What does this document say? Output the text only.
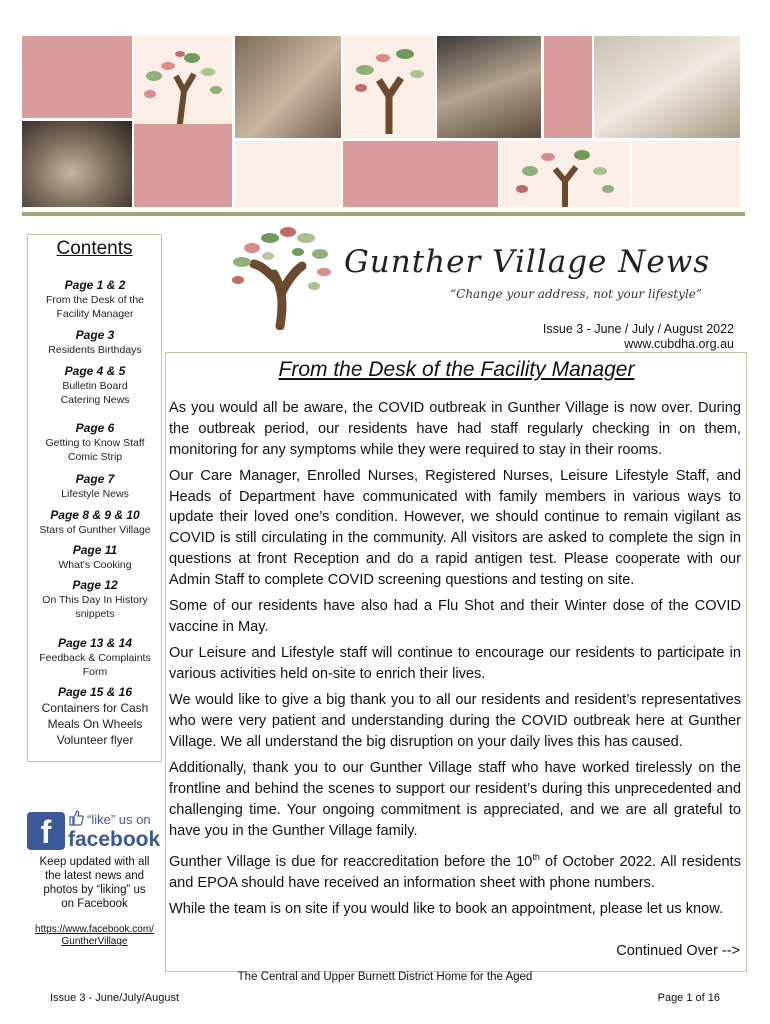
Contents
Page 1 & 2
From the Desk of the
Facility Manager
Page 3
Residents Birthdays
Page 4 & 5
Bulletin Board
Catering News
Page 6
Getting to Know Staff
Comic Strip
Page 7
Lifestyle News
Page 8 & 9 & 10
Stars of Gunther Village
Page 11
What's Cooking
Page 12
On This Day In History
snippets
Page 13 & 14
Feedback & Complaints
Form
Page 15 & 16
Containers for Cash
Meals On Wheels
Volunteer flyer
f	“like” us on
facebook
Keep updated with all
the latest news and
photos by “liking” us
on Facebook
https://www.facebook.com/
GuntherVillage
Gunther Village News
“Change your address, not your lifestyle”
Issue 3 - June / July / August 2022
www.cubdha.org.au
From the Desk of the Facility Manager

As you would all be aware, the COVID outbreak in Gunther Village is now over. During the outbreak period, our residents have had staff regularly checking in on them, monitoring for any symptoms while they were required to stay in their rooms.

Our Care Manager, Enrolled Nurses, Registered Nurses, Leisure Lifestyle Staff, and Heads of Department have communicated with family members in various ways to update their loved one’s condition. However, we should continue to remain vigilant as COVID is still circulating in the community. All visitors are asked to complete the sign in questions at front Reception and do a rapid antigen test. Please cooperate with our Admin Staff to complete COVID screening questions and testing on site.

Some of our residents have also had a Flu Shot and their Winter dose of the COVID vaccine in May.

Our Leisure and Lifestyle staff will continue to encourage our residents to participate in various activities held on-site to enrich their lives.

We would like to give a big thank you to all our residents and resident’s representatives who were very patient and understanding during the COVID outbreak here at Gunther Village. We all understand the big disruption on your daily lives this has caused.

Additionally, thank you to our Gunther Village staff who have worked tirelessly on the frontline and behind the scenes to support our resident’s during this unprecedented and challenging time. Your ongoing commitment is appreciated, and we are all grateful to have you in the Gunther Village family.

Gunther Village is due for reaccreditation before the 10th of October 2022. All residents and EPOA should have received an information sheet with phone numbers.

While the team is on site if you would like to book an appointment, please let us know.

Continued Over -->
The Central and Upper Burnett District Home for the Aged
Issue 3 - June/July/August	Page 1 of 16
